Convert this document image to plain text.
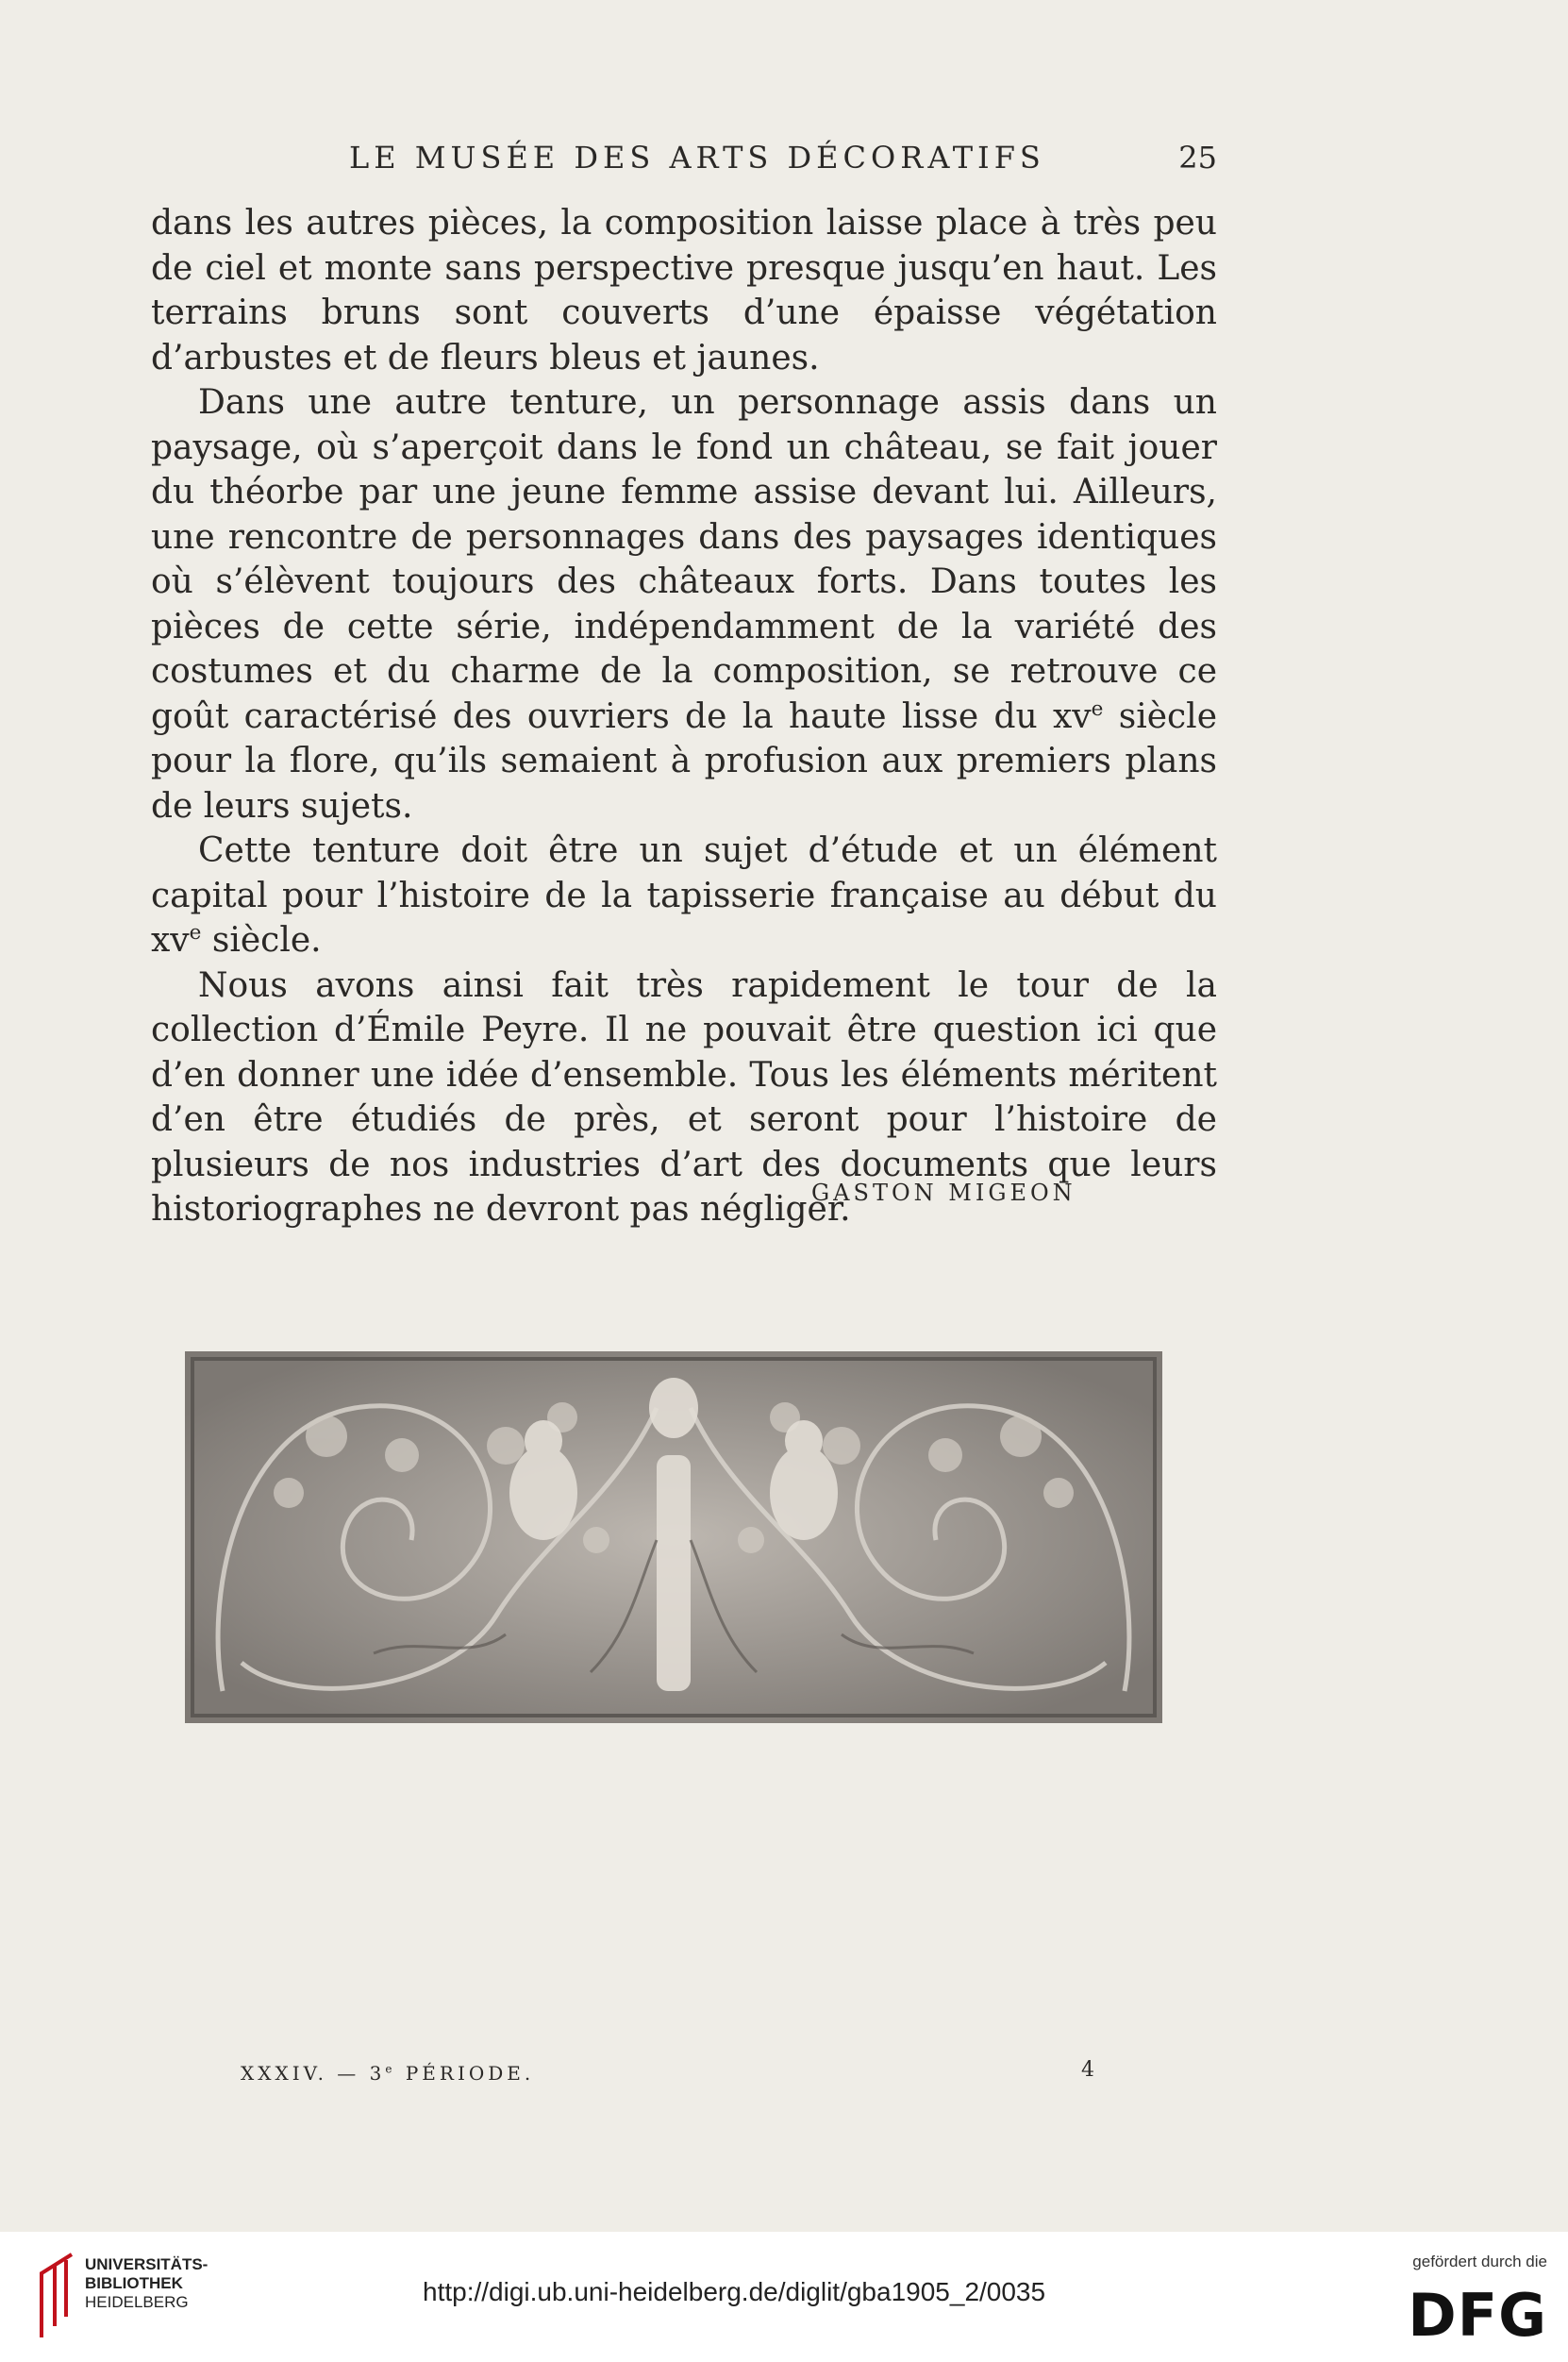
LE MUSÉE DES ARTS DÉCORATIFS	25

dans les autres pièces, la composition laisse place à très peu de ciel et monte sans perspective presque jusqu’en haut. Les terrains bruns sont couverts d’une épaisse végétation d’arbustes et de fleurs bleus et jaunes.

Dans une autre tenture, un personnage assis dans un paysage, où s’aperçoit dans le fond un château, se fait jouer du théorbe par une jeune femme assise devant lui. Ailleurs, une rencontre de personnages dans des paysages identiques où s’élèvent toujours des châteaux forts. Dans toutes les pièces de cette série, indépendamment de la variété des costumes et du charme de la composition, se retrouve ce goût caractérisé des ouvriers de la haute lisse du $xv^e$ siècle pour la flore, qu’ils semaient à profusion aux premiers plans de leurs sujets.

Cette tenture doit être un sujet d’étude et un élément capital pour l’histoire de la tapisserie française au début du $xv^e$ siècle.

Nous avons ainsi fait très rapidement le tour de la collection d’Émile Peyre. Il ne pouvait être question ici que d’en donner une idée d’ensemble. Tous les éléments méritent d’en être étudiés de près, et seront pour l’histoire de plusieurs de nos industries d’art des documents que leurs historiographes ne devront pas négliger.

GASTON MIGEON
XXXIV. — 3e PÉRIODE.	4
UNIVERSITÄTS-
BIBLIOTHEK
HEIDELBERG	http://digi.ub.uni-heidelberg.de/diglit/gba1905_2/0035
gefördert durch die
DFG
